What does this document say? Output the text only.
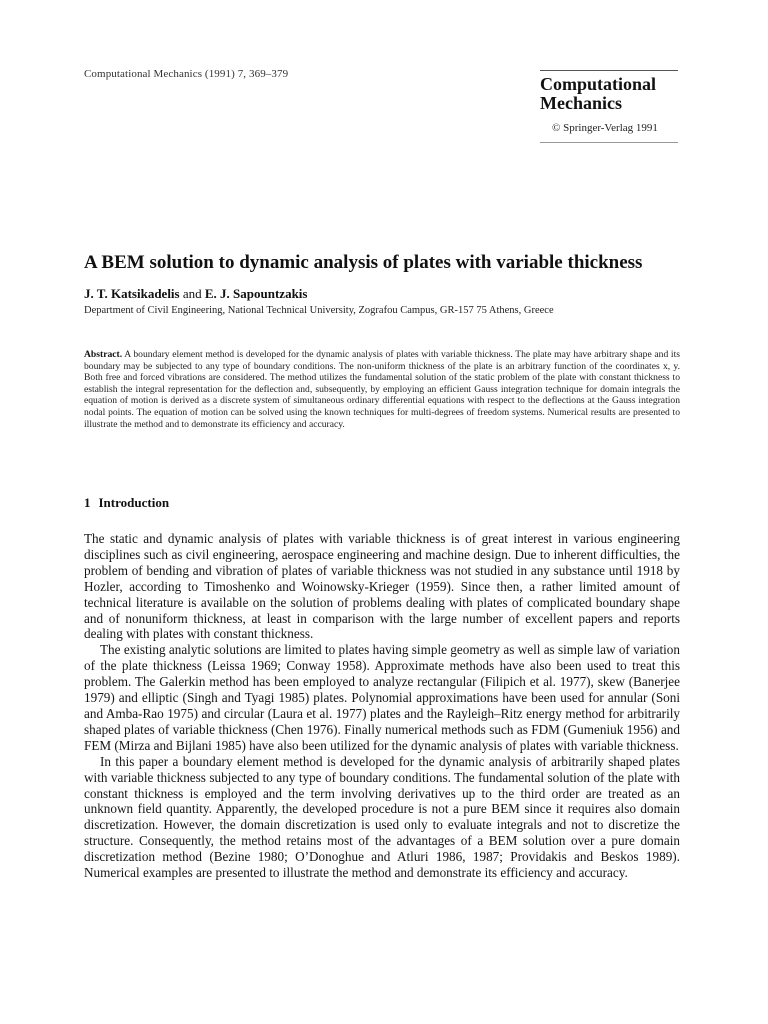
Computational Mechanics (1991) 7, 369–379	Computational
Mechanics
© Springer-Verlag 1991
A BEM solution to dynamic analysis of plates with variable thickness
J. T. Katsikadelis and E. J. Sapountzakis
Department of Civil Engineering, National Technical University, Zografou Campus, GR-157 75 Athens, Greece

Abstract. A boundary element method is developed for the dynamic analysis of plates with variable thickness. The plate may have arbitrary shape and its boundary may be subjected to any type of boundary conditions. The non-uniform thickness of the plate is an arbitrary function of the coordinates x, y. Both free and forced vibrations are considered. The method utilizes the fundamental solution of the static problem of the plate with constant thickness to establish the integral representation for the deflection and, subsequently, by employing an efficient Gauss integration technique for domain integrals the equation of motion is derived as a discrete system of simultaneous ordinary differential equations with respect to the deflections at the Gauss integration nodal points. The equation of motion can be solved using the known techniques for multi-degrees of freedom systems. Numerical results are presented to illustrate the method and to demonstrate its efficiency and accuracy.

1 Introduction

The static and dynamic analysis of plates with variable thickness is of great interest in various engineering disciplines such as civil engineering, aerospace engineering and machine design. Due to inherent difficulties, the problem of bending and vibration of plates of variable thickness was not studied in any substance until 1918 by Hozler, according to Timoshenko and Woinowsky-Krieger (1959). Since then, a rather limited amount of technical literature is available on the solution of problems dealing with plates of complicated boundary shape and of nonuniform thickness, at least in comparison with the large number of excellent papers and reports dealing with plates with constant thickness.

The existing analytic solutions are limited to plates having simple geometry as well as simple law of variation of the plate thickness (Leissa 1969; Conway 1958). Approximate methods have also been used to treat this problem. The Galerkin method has been employed to analyze rectangular (Filipich et al. 1977), skew (Banerjee 1979) and elliptic (Singh and Tyagi 1985) plates. Polynomial approximations have been used for annular (Soni and Amba-Rao 1975) and circular (Laura et al. 1977) plates and the Rayleigh–Ritz energy method for arbitrarily shaped plates of variable thickness (Chen 1976). Finally numerical methods such as FDM (Gumeniuk 1956) and FEM (Mirza and Bijlani 1985) have also been utilized for the dynamic analysis of plates with variable thickness.

In this paper a boundary element method is developed for the dynamic analysis of arbitrarily shaped plates with variable thickness subjected to any type of boundary conditions. The fundamental solution of the plate with constant thickness is employed and the term involving derivatives up to the third order are treated as an unknown field quantity. Apparently, the developed procedure is not a pure BEM since it requires also domain discretization. However, the domain discretization is used only to evaluate integrals and not to discretize the structure. Consequently, the method retains most of the advantages of a BEM solution over a pure domain discretization method (Bezine 1980; O’Donoghue and Atluri 1986, 1987; Providakis and Beskos 1989). Numerical examples are presented to illustrate the method and demonstrate its efficiency and accuracy.
